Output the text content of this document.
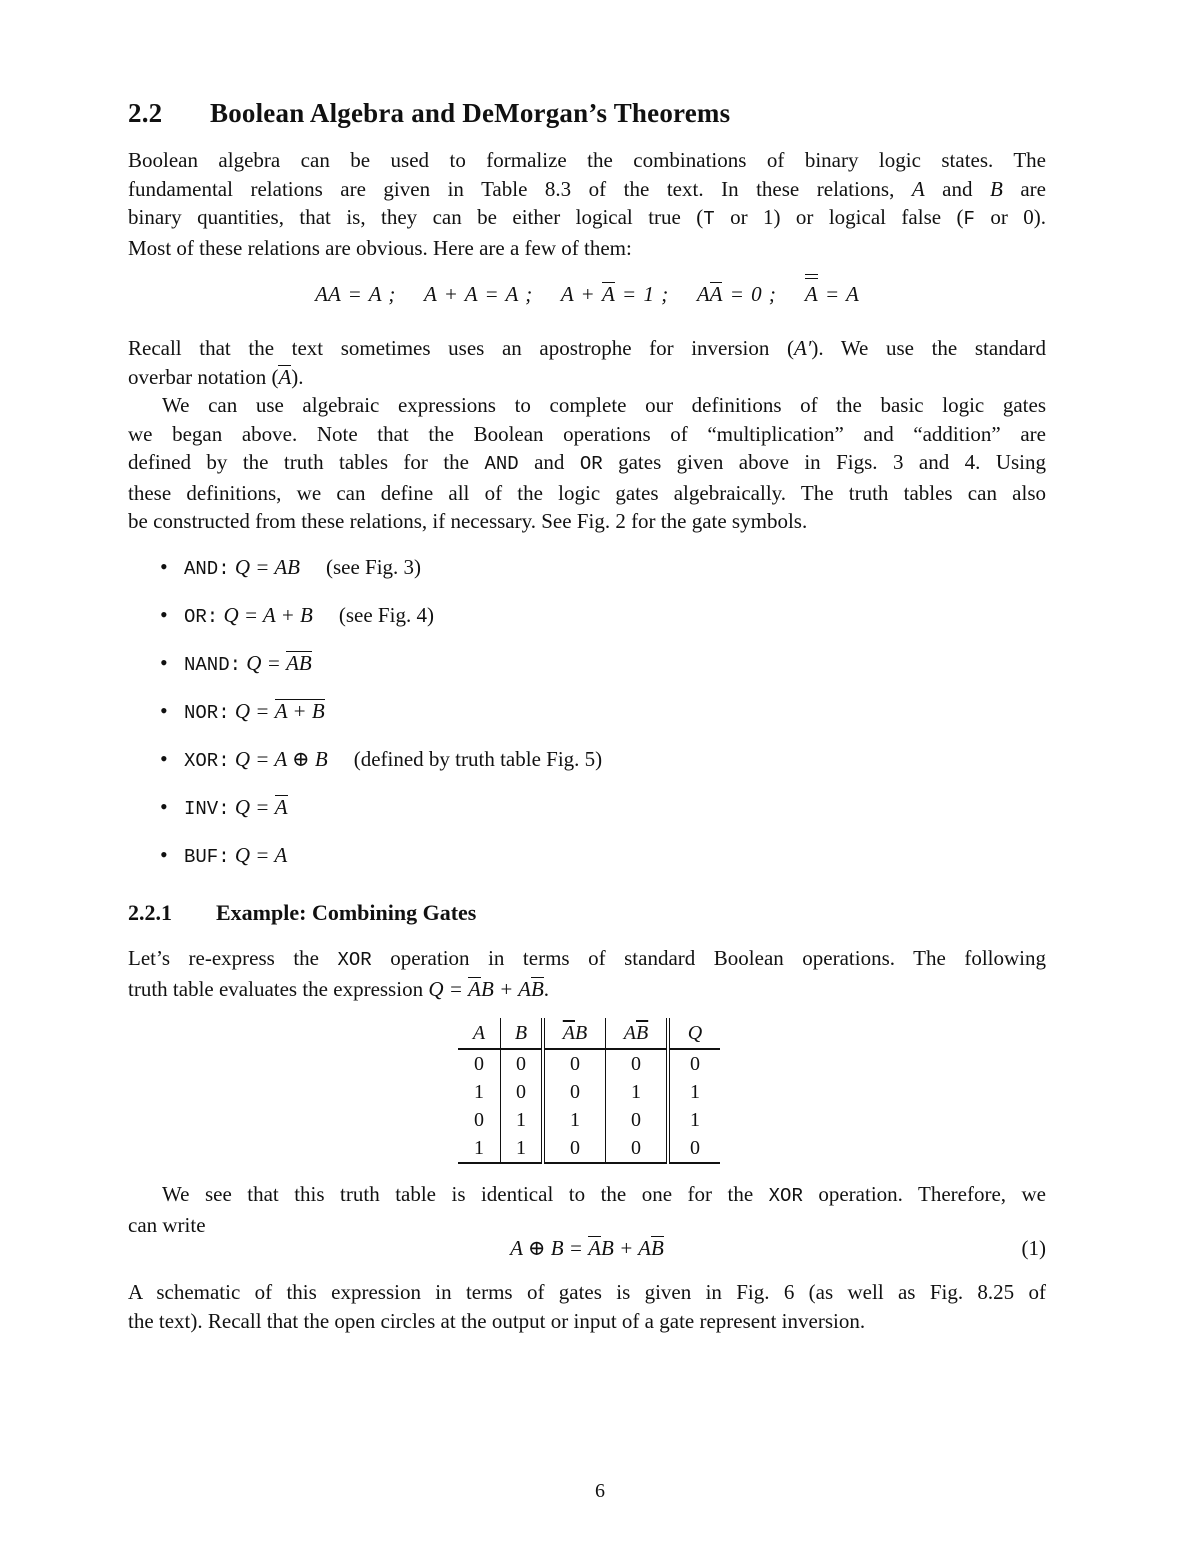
2.2 Boolean Algebra and DeMorgan’s Theorems
Boolean algebra can be used to formalize the combinations of binary logic states. The
fundamental relations are given in Table 8.3 of the text. In these relations, A and B are
binary quantities, that is, they can be either logical true (T or 1) or logical false (F or 0).
Most of these relations are obvious. Here are a few of them:
AA = A ; A + A = A ; A + A = 1 ; AA = 0 ; A = A
Recall that the text sometimes uses an apostrophe for inversion (A′). We use the standard
overbar notation (A).
We can use algebraic expressions to complete our definitions of the basic logic gates
we began above. Note that the Boolean operations of “multiplication” and “addition” are
defined by the truth tables for the AND and OR gates given above in Figs. 3 and 4. Using
these definitions, we can define all of the logic gates algebraically. The truth tables can also
be constructed from these relations, if necessary. See Fig. 2 for the gate symbols.
• AND: Q = AB (see Fig. 3)
• OR: Q = A + B (see Fig. 4)
• NAND: Q = AB
• NOR: Q = A + B
• XOR: Q = A ⊕ B (defined by truth table Fig. 5)
• INV: Q = A
• BUF: Q = A
2.2.1 Example: Combining Gates
Let’s re-express the XOR operation in terms of standard Boolean operations. The following
truth table evaluates the expression Q = AB + AB.
A	B	$\overline{A}B$	$A\overline{B}$	Q
0	0	0	0	0
1	0	0	1	1
0	1	1	0	1
1	1	0	0	0
We see that this truth table is identical to the one for the XOR operation. Therefore, we
can write
A ⊕ B = AB + AB	(1)
A schematic of this expression in terms of gates is given in Fig. 6 (as well as Fig. 8.25 of
the text). Recall that the open circles at the output or input of a gate represent inversion.
6
